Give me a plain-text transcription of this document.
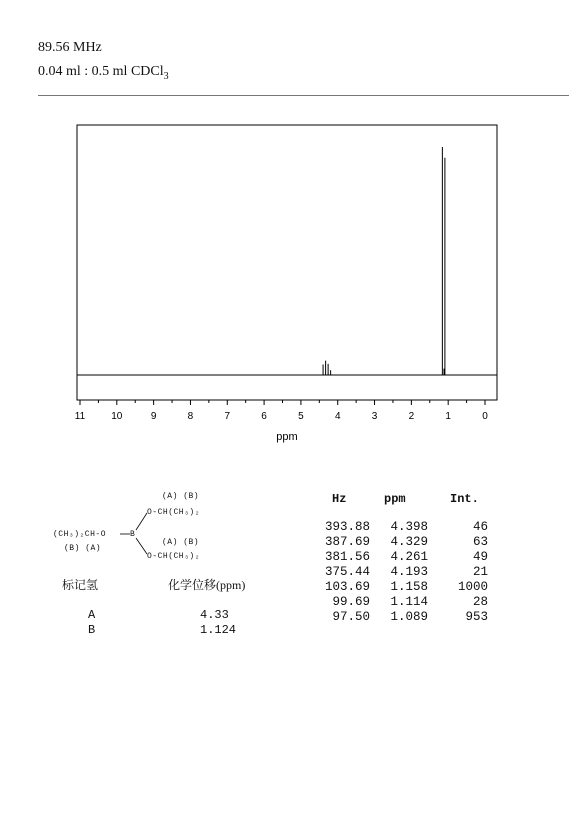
89.56 MHz
0.04 ml : 0.5 ml CDCl$_3$
11	10	9	8	7	6	5	4	3	2	1	0
ppm
(A) (B)
O-CH(CH₃)₂
(CH₃)₂CH-O	B
(B) (A)
(A) (B)
O-CH(CH₃)₂
标记氢	化学位移(ppm)
A	4.33
B	1.124
Hz	ppm	Int.
393.88	4.398	46
387.69	4.329	63
381.56	4.261	49
375.44	4.193	21
103.69	1.158	1000
99.69	1.114	28
97.50	1.089	953
